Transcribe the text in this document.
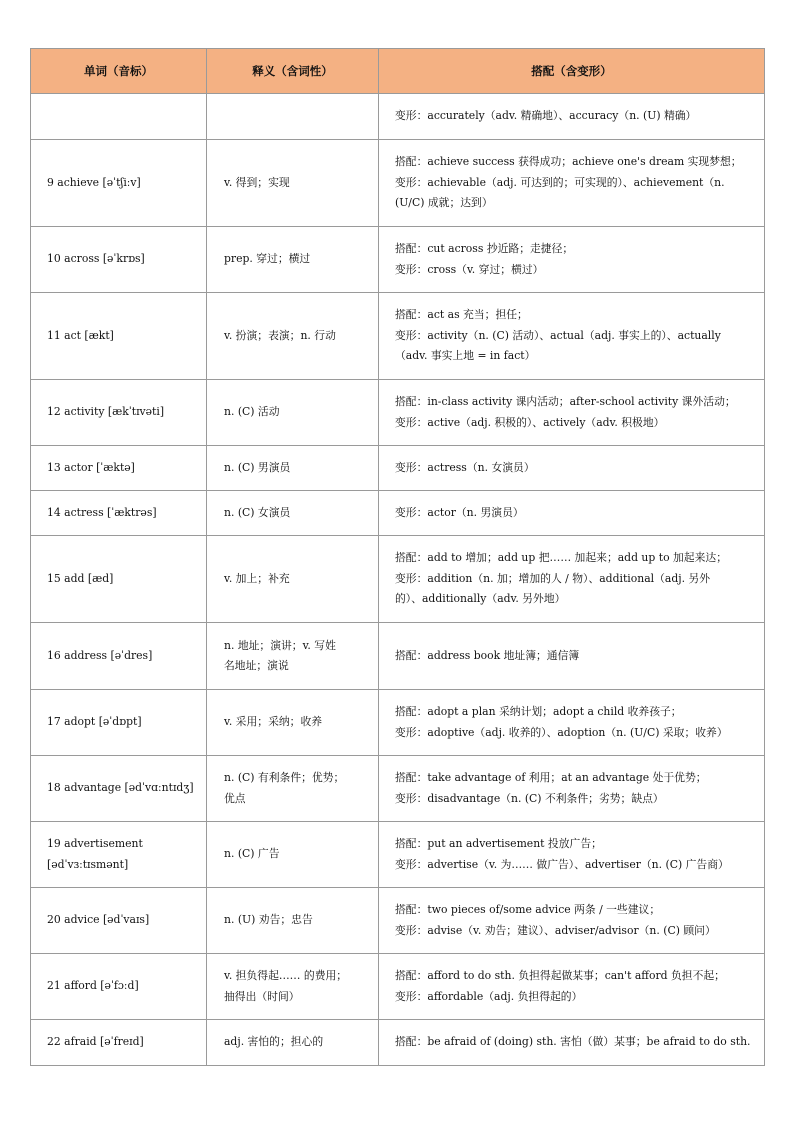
单词（音标）	释义（含词性）	搭配（含变形）

		变形：accurately（adv. 精确地）、accuracy（n. (U) 精确）

9 achieve [əˈtʃiːv]	v. 得到；实现	搭配：achieve success 获得成功；achieve one's dream 实现梦想；
变形：achievable（adj. 可达到的；可实现的）、achievement（n.
(U/C) 成就；达到）

10 across [əˈkrɒs]	prep. 穿过；横过	搭配：cut across 抄近路；走捷径；
变形：cross（v. 穿过；横过）

11 act [ækt]	v. 扮演；表演；n. 行动	搭配：act as 充当；担任；
变形：activity（n. (C) 活动）、actual（adj. 事实上的）、actually
（adv. 事实上地 = in fact）

12 activity [ækˈtɪvəti]	n. (C) 活动	搭配：in-class activity 课内活动；after-school activity 课外活动；
变形：active（adj. 积极的）、actively（adv. 积极地）

13 actor [ˈæktə]	n. (C) 男演员	变形：actress（n. 女演员）

14 actress [ˈæktrəs]	n. (C) 女演员	变形：actor（n. 男演员）

15 add [æd]	v. 加上；补充	搭配：add to 增加；add up 把…… 加起来；add up to 加起来达；
变形：addition（n. 加；增加的人 / 物）、additional（adj. 另外
的）、additionally（adv. 另外地）

16 address [əˈdres]	n. 地址；演讲；v. 写姓
名地址；演说	搭配：address book 地址簿；通信簿

17 adopt [əˈdɒpt]	v. 采用；采纳；收养	搭配：adopt a plan 采纳计划；adopt a child 收养孩子；
变形：adoptive（adj. 收养的）、adoption（n. (U/C) 采取；收养）

18 advantage [ədˈvɑːntɪdʒ]	n. (C) 有利条件；优势；
优点	搭配：take advantage of 利用；at an advantage 处于优势；
变形：disadvantage（n. (C) 不利条件；劣势；缺点）

19 advertisement
[ədˈvɜːtɪsmənt]	n. (C) 广告	搭配：put an advertisement 投放广告；
变形：advertise（v. 为…… 做广告）、advertiser（n. (C) 广告商）

20 advice [ədˈvaɪs]	n. (U) 劝告；忠告	搭配：two pieces of/some advice 两条 / 一些建议；
变形：advise（v. 劝告；建议）、adviser/advisor（n. (C) 顾问）

21 afford [əˈfɔːd]	v. 担负得起…… 的费用；
抽得出（时间）	搭配：afford to do sth. 负担得起做某事；can't afford 负担不起；
变形：affordable（adj. 负担得起的）

22 afraid [əˈfreɪd]	adj. 害怕的；担心的	搭配：be afraid of (doing) sth. 害怕（做）某事；be afraid to do sth.
